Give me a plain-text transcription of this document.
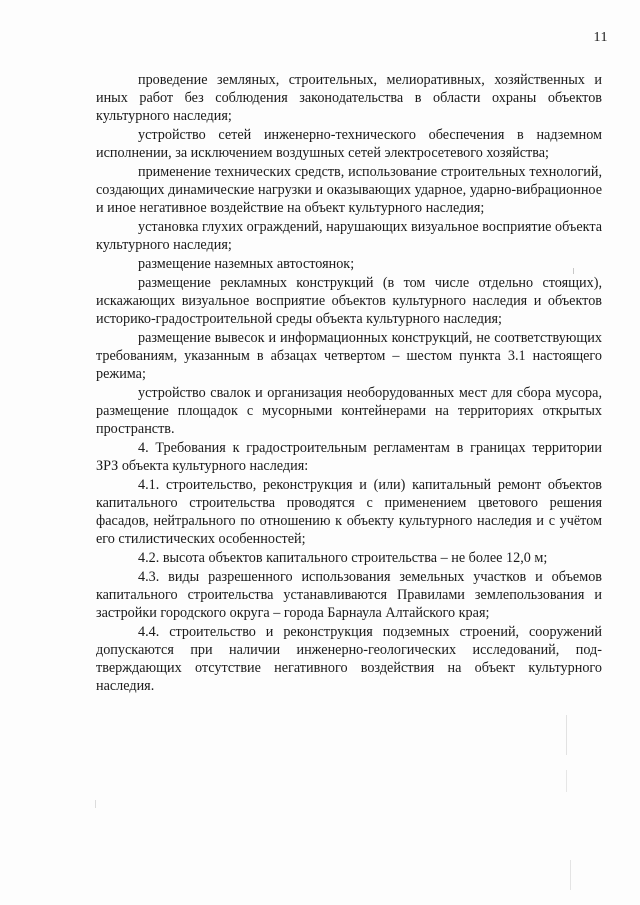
11

проведение земляных, строительных, мелиоративных, хозяйственных и иных работ без соблюдения законодательства в области охраны объектов культурного наследия;

устройство сетей инженерно-технического обеспечения в надземном исполнении, за исключением воздушных сетей электросетевого хозяйства;

применение технических средств, использование строительных технологий, создающих динамические нагрузки и оказывающих ударное, ударно-вибрационное и иное негативное воздействие на объект культурного наследия;

установка глухих ограждений, нарушающих визуальное восприятие объекта культурного наследия;

размещение наземных автостоянок;

размещение рекламных конструкций (в том числе отдельно стоящих), искажающих визуальное восприятие объектов культурного наследия и объектов историко-градостроительной среды объекта культурного наследия;

размещение вывесок и информационных конструкций, не соответствующих требованиям, указанным в абзацах четвертом – шестом пункта 3.1 настоящего режима;

устройство свалок и организация необорудованных мест для сбора мусора, размещение площадок с мусорными контейнерами на территориях открытых пространств.

4. Требования к градостроительным регламентам в границах территории ЗРЗ объекта культурного наследия:

4.1. строительство, реконструкция и (или) капитальный ремонт объектов капитального строительства проводятся с применением цветового решения фасадов, нейтрального по отношению к объекту культурного наследия и с учётом его стилистических особенностей;

4.2. высота объектов капитального строительства – не более 12,0 м;

4.3. виды разрешенного использования земельных участков и объемов капитального строительства устанавливаются Правилами землепользования и застройки городского округа – города Барнаула Алтайского края;

4.4. строительство и реконструкция подземных строений, сооружений допускаются при наличии инженерно-геологических исследований, подтверждающих отсутствие негативного воздействия на объект культурного наследия.
